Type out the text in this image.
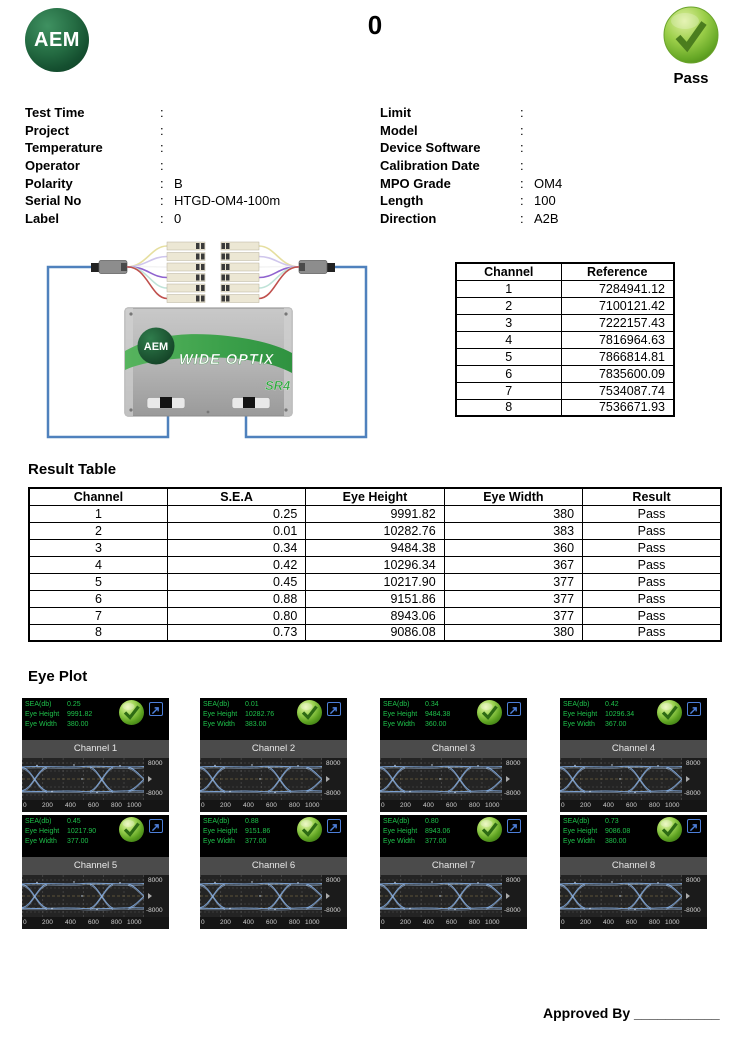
AEM	0
Pass
Test Time	:
Project	:
Temperature	:
Operator	:
Polarity	: B
Serial No	: HTGD-OM4-100m
Label	: 0
Limit	:
Model	:
Device Software	:
Calibration Date	:
MPO Grade	: OM4
Length	: 100
Direction	: A2B
AEM
WIDE OPTIX
SR4
Channel	Reference
1	7284941.12
2	7100121.42
3	7222157.43
4	7816964.63
5	7866814.81
6	7835600.09
7	7534087.74
8	7536671.93
Result Table
Channel	S.E.A	Eye Height	Eye Width	Result
1	0.25	9991.82	380	Pass
2	0.01	10282.76	383	Pass
3	0.34	9484.38	360	Pass
4	0.42	10296.34	367	Pass
5	0.45	10217.90	377	Pass
6	0.88	9151.86	377	Pass
7	0.80	8943.06	377	Pass
8	0.73	9086.08	380	Pass
Eye Plot
SEA(db) 0.25
Eye Height 9991.82
Eye Width 380.00
Channel 1
8000
-8000
0 200 400 600 800 1000
SEA(db) 0.01
Eye Height 10282.76
Eye Width 383.00
Channel 2
8000
-8000
0 200 400 600 800 1000
SEA(db) 0.34
Eye Height 9484.38
Eye Width 360.00
Channel 3
8000
-8000
0 200 400 600 800 1000
SEA(db) 0.42
Eye Height 10296.34
Eye Width 367.00
Channel 4
8000
-8000
0 200 400 600 800 1000
SEA(db) 0.45
Eye Height 10217.90
Eye Width 377.00
Channel 5
8000
-8000
0 200 400 600 800 1000
SEA(db) 0.88
Eye Height 9151.86
Eye Width 377.00
Channel 6
8000
-8000
0 200 400 600 800 1000
SEA(db) 0.80
Eye Height 8943.06
Eye Width 377.00
Channel 7
8000
-8000
0 200 400 600 800 1000
SEA(db) 0.73
Eye Height 9086.08
Eye Width 380.00
Channel 8
8000
-8000
0 200 400 600 800 1000
Approved By ___________
